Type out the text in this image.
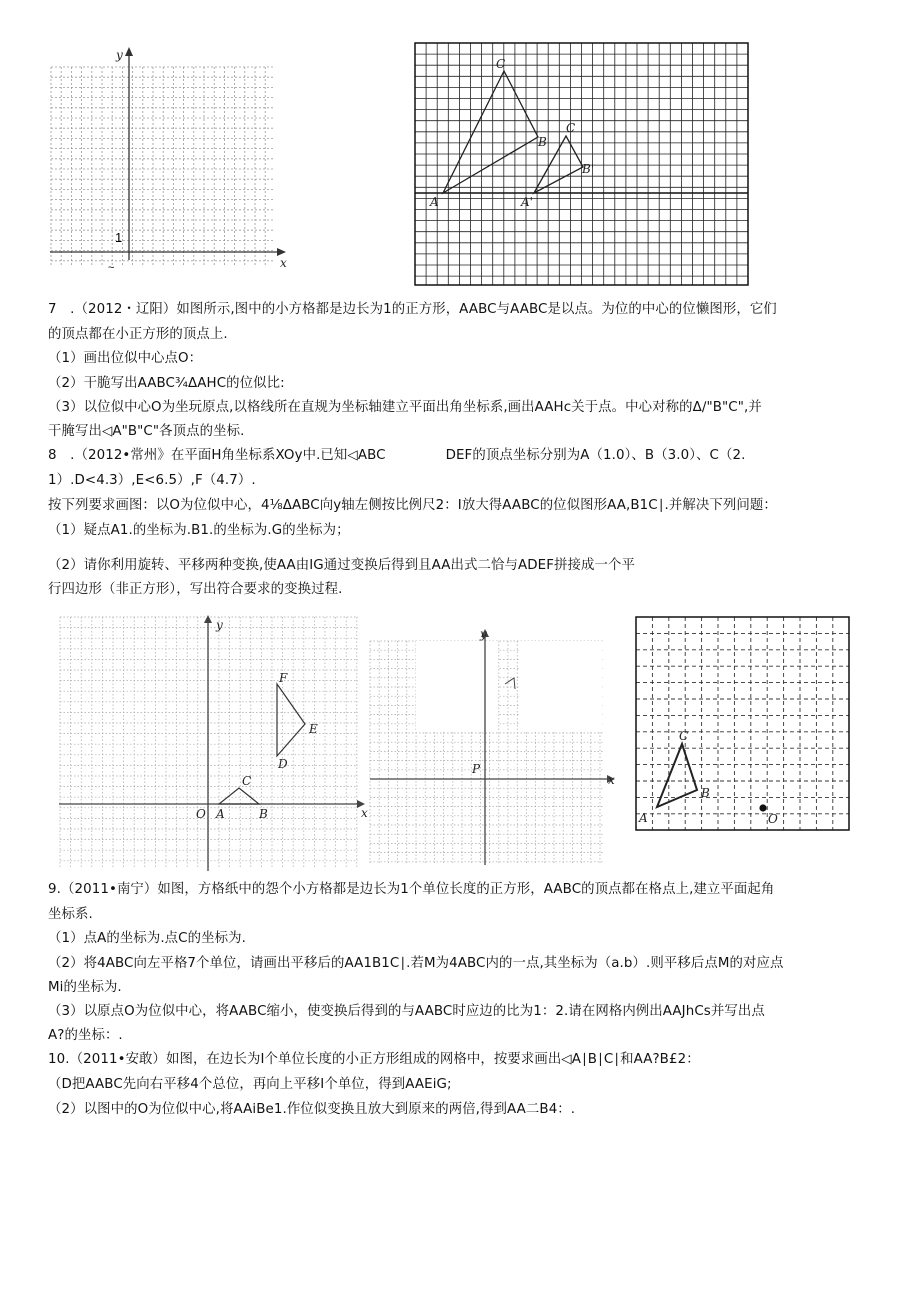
y
x
1
~
C
B
A
C
B'
A'
7　.（2012・辽阳）如图所示,图中的小方格都是边长为1的正方形，AABC与AABC是以点。为位的中心的位懒图形，它们
的顶点都在小正方形的顶点上.
（1）画出位似中心点O：
（2）干脆写出AABC¾ΔAHC的位似比:
（3）以位似中心O为坐玩原点,以格线所在直规为坐标轴建立平面出角坐标系,画出AAHc关于点。中心对称的Δ∕"B"C",并
干腌写出◁A"B"C"各顶点的坐标.
8　.（2012•常州》在平面H角坐标系XOy中.已知◁ABC	DEF的顶点坐标分别为A（1.0）、B（3.0）、C（2.
1）.D<4.3）,E<6.5）,F（4.7）.
按下列要求画图：以O为位似中心，4⅛ΔABC向y轴左侧按比例尺2：I放大得AABC的位似图形AA,B1C∣.并解决下列问题：
（1）疑点A1.的坐标为.B1.的坐标为.G的坐标为；
（2）请你利用旋转、平移两种变换,使AA由IG通过变换后得到且AA出式二恰与ADEF拼接成一个平
行四边形（非正方形），写出符合要求的变换过程.
y
x
O A	B
C
D
E
F
y
x
P
A
B
C
O
9.（2011•南宁）如图，方格纸中的怨个小方格都是边长为1个单位长度的正方形，AABC的顶点都在格点上,建立平面起角
坐标系.
（1）点A的坐标为.点C的坐标为.
（2）将4ABC向左平格7个单位，请画出平移后的AA1B1C∣.若M为4ABC内的一点,其坐标为（a.b）.则平移后点M的对应点
Mi的坐标为.
（3）以原点O为位似中心，将AABC缩小，使变换后得到的与AABC时应边的比为1：2.请在网格内例出AAJhCs并写出点
A?的坐标：.
10.（2011•安敢）如图，在边长为I个单位长度的小正方形组成的网格中，按要求画出◁A∣B∣C∣和AA?B£2：
（D把AABC先向右平移4个总位，再向上平移I个单位，得到AAEiG;
（2）以图中的O为位似中心,将AAiBe1.作位似变换且放大到原来的两倍,得到AA二B4：.
